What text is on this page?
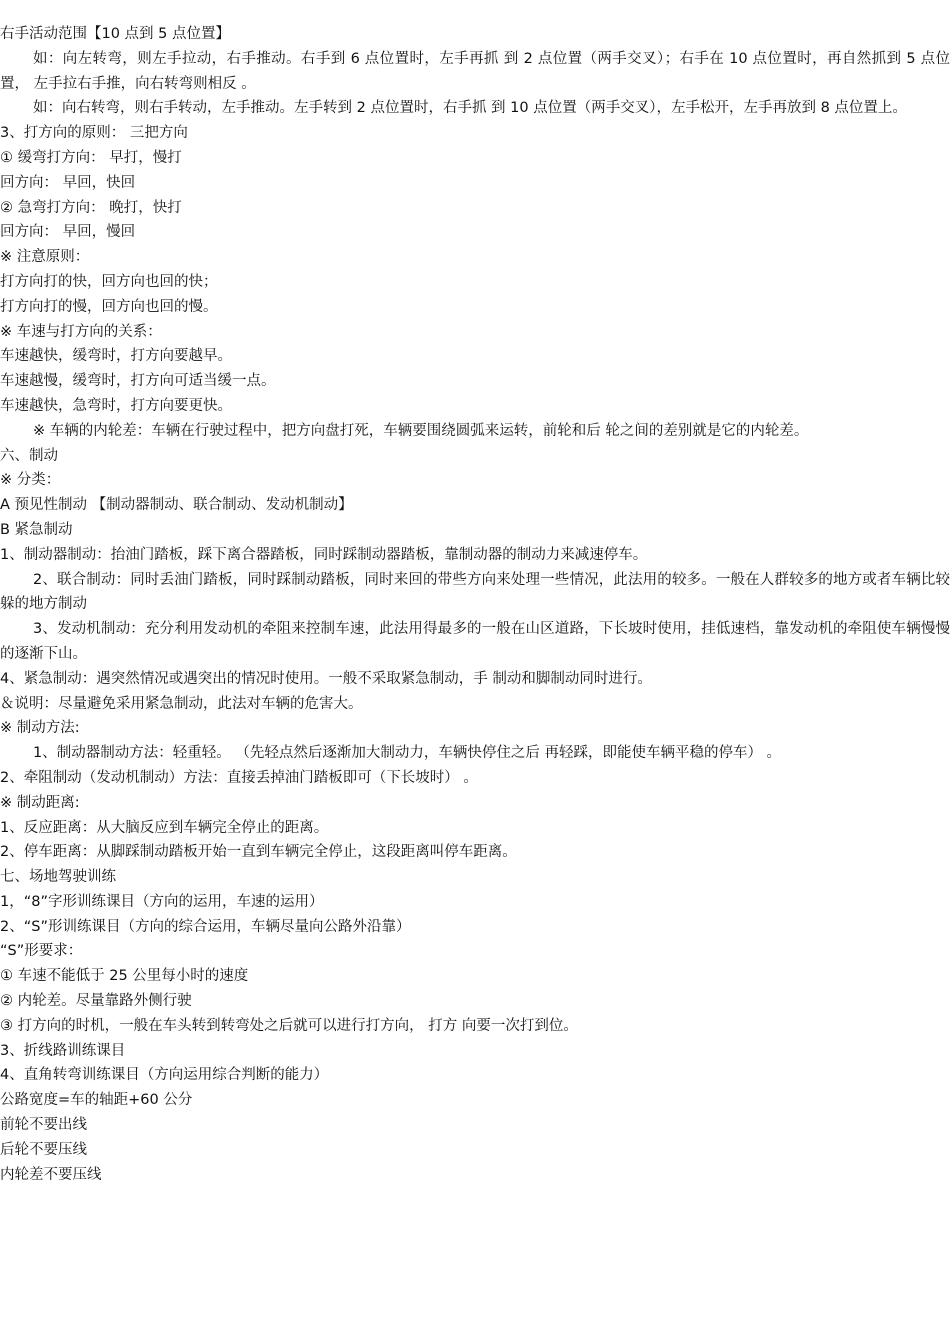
右手活动范围【10 点到 5 点位置】

如：向左转弯，则左手拉动，右手推动。右手到 6 点位置时，左手再抓 到 2 点位置（两手交叉）；右手在 10 点位置时，再自然抓到 5 点位置， 左手拉右手推，向右转弯则相反 。

如：向右转弯，则右手转动，左手推动。左手转到 2 点位置时，右手抓 到 10 点位置（两手交叉），左手松开，左手再放到 8 点位置上。

3、打方向的原则： 三把方向

① 缓弯打方向： 早打，慢打

回方向： 早回，快回

② 急弯打方向： 晚打，快打

回方向： 早回，慢回

※ 注意原则：

打方向打的快，回方向也回的快；

打方向打的慢，回方向也回的慢。

※ 车速与打方向的关系：

车速越快，缓弯时，打方向要越早。

车速越慢，缓弯时，打方向可适当缓一点。

车速越快，急弯时，打方向要更快。

※ 车辆的内轮差：车辆在行驶过程中，把方向盘打死，车辆要围绕圆弧来运转，前轮和后 轮之间的差别就是它的内轮差。

六、制动

※ 分类：

A 预见性制动 【制动器制动、联合制动、发动机制动】

B 紧急制动

1、制动器制动：抬油门踏板，踩下离合器踏板，同时踩制动器踏板，靠制动器的制动力来减速停车。

2、联合制动：同时丢油门踏板，同时踩制动踏板，同时来回的带些方向来处理一些情况，此法用的较多。一般在人群较多的地方或者车辆比较躲的地方制动

3、发动机制动：充分利用发动机的牵阻来控制车速，此法用得最多的一般在山区道路，下长坡时使用，挂低速档，靠发动机的牵阻使车辆慢慢的逐渐下山。

4、紧急制动：遇突然情况或遇突出的情况时使用。一般不采取紧急制动，手 制动和脚制动同时进行。

＆说明：尽量避免采用紧急制动，此法对车辆的危害大。

※ 制动方法:

1、制动器制动方法：轻重轻。 （先轻点然后逐渐加大制动力，车辆快停住之后 再轻踩，即能使车辆平稳的停车） 。

2、牵阻制动（发动机制动）方法：直接丢掉油门踏板即可（下长坡时） 。

※ 制动距离:

1、反应距离：从大脑反应到车辆完全停止的距离。

2、停车距离：从脚踩制动踏板开始一直到车辆完全停止，这段距离叫停车距离。

七、场地驾驶训练

1，“8”字形训练课目（方向的运用，车速的运用）

2、“S”形训练课目（方向的综合运用，车辆尽量向公路外沿靠）

“S”形要求：

① 车速不能低于 25 公里每小时的速度

② 内轮差。尽量靠路外侧行驶

③ 打方向的时机，一般在车头转到转弯处之后就可以进行打方向， 打方 向要一次打到位。

3、折线路训练课目

4、直角转弯训练课目（方向运用综合判断的能力）

公路宽度=车的轴距+60 公分

前轮不要出线

后轮不要压线

内轮差不要压线
